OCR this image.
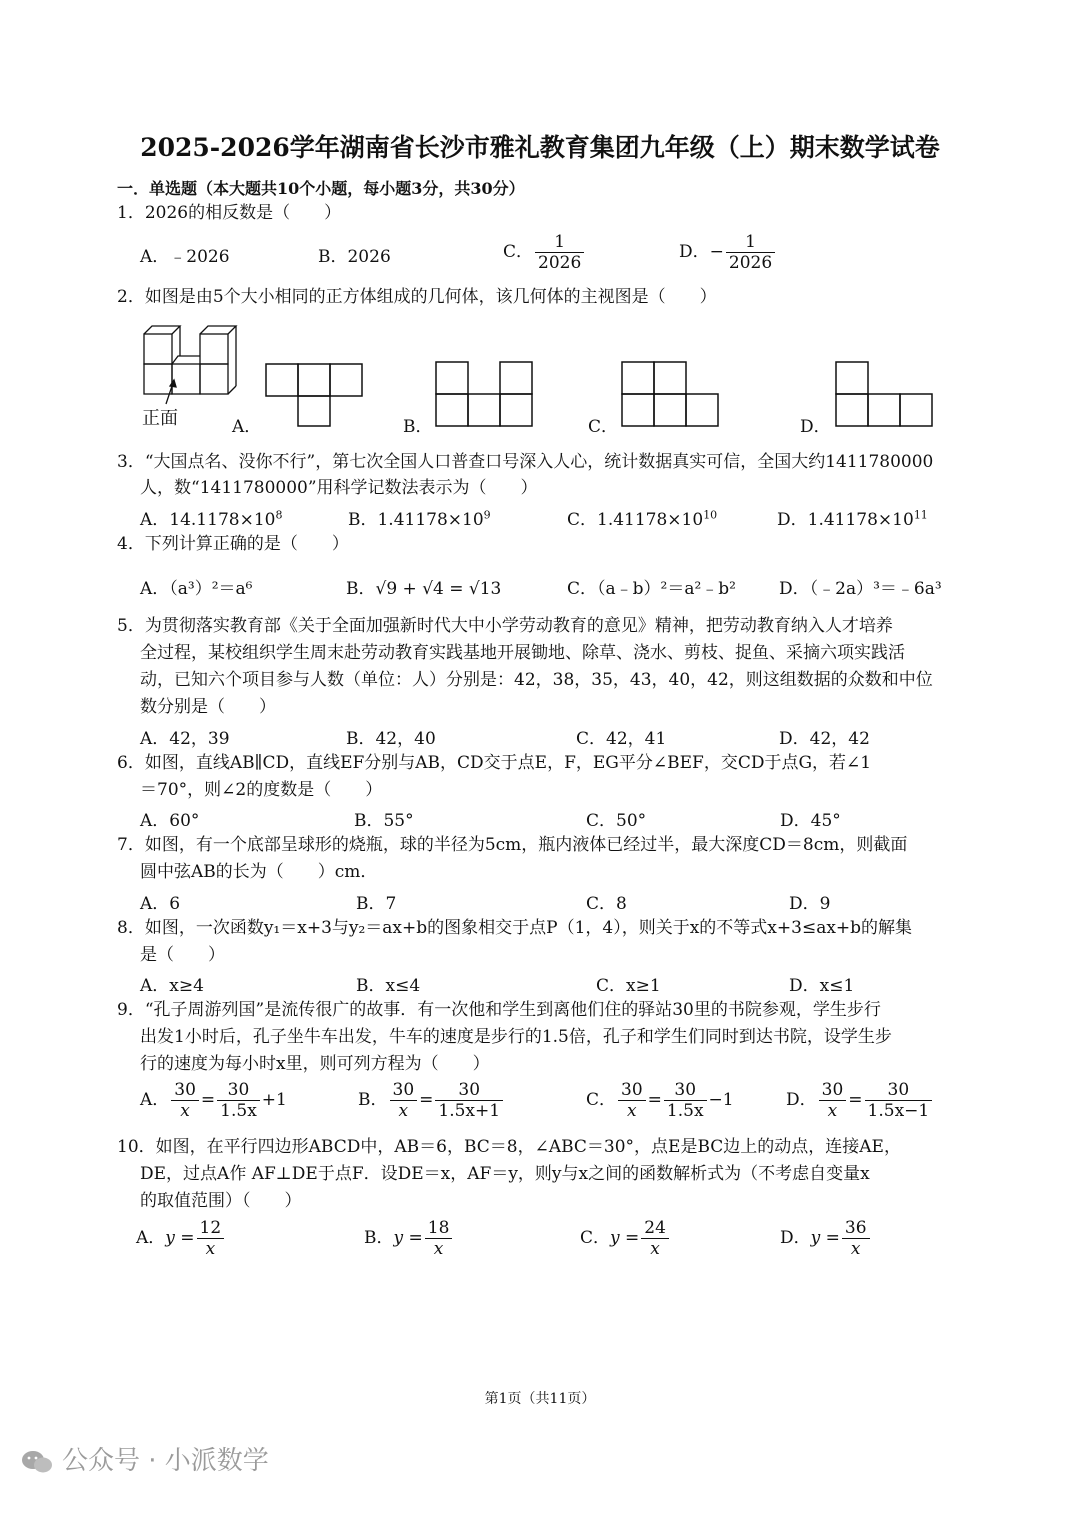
2025-2026学年湖南省长沙市雅礼教育集团九年级（上）期末数学试卷
一．单选题（本大题共10个小题，每小题3分，共30分）
1．2026的相反数是（　　）
A．﹣2026	B．2026	C． $\frac{1}{2026}$	D．− $\frac{1}{2026}$
2．如图是由5个大小相同的正方体组成的几何体，该几何体的主视图是（　　）
正面	A．	B．	C．	D．
3．“大国点名、没你不行”，第七次全国人口普查口号深入人心，统计数据真实可信，全国大约1411780000
人，数“1411780000”用科学记数法表示为（　　）
A．$14.1178\times 10^8$	B．$1.41178\times 10^9$	C．$1.41178\times 10^{10}$	D．$1.41178\times 10^{11}$
4．下列计算正确的是（　　）
A．（a³）²＝a⁶	B．√9 + √4 = √13	C．（a﹣b）²＝a²﹣b²	D．（﹣2a）³＝﹣6a³
5．为贯彻落实教育部《关于全面加强新时代大中小学劳动教育的意见》精神，把劳动教育纳入人才培养
全过程，某校组织学生周末赴劳动教育实践基地开展锄地、除草、浇水、剪枝、捉鱼、采摘六项实践活
动，已知六个项目参与人数（单位：人）分别是：42，38，35，43，40，42，则这组数据的众数和中位
数分别是（　　）
A．42，39	B．42，40	C．42，41	D．42，42
6．如图，直线AB∥CD，直线EF分别与AB，CD交于点E，F，EG平分∠BEF，交CD于点G，若∠1
＝70°，则∠2的度数是（　　）
A．60°	B．55°	C．50°	D．45°
7．如图，有一个底部呈球形的烧瓶，球的半径为5cm，瓶内液体已经过半，最大深度CD＝8cm，则截面
圆中弦AB的长为（　　）cm．
A．6	B．7	C．8	D．9
8．如图，一次函数y₁＝x+3与y₂＝ax+b的图象相交于点P（1，4），则关于x的不等式x+3≤ax+b的解集
是（　　）
A．x≥4	B．x≤4	C．x≥1	D．x≤1
9．“孔子周游列国”是流传很广的故事．有一次他和学生到离他们住的驿站30里的书院参观，学生步行
出发1小时后，孔子坐牛车出发，牛车的速度是步行的1.5倍，孔子和学生们同时到达书院，设学生步
行的速度为每小时x里，则可列方程为（　　）
A． $\frac{30}{x} = \frac{30}{1.5x} +1$	B． $\frac{30}{x} = \frac{30}{1.5x+1}$	C． $\frac{30}{x} = \frac{30}{1.5x} -1$	D． $\frac{30}{x} = \frac{30}{1.5x-1}$
10．如图，在平行四边形ABCD中，AB＝6，BC＝8，∠ABC＝30°，点E是BC边上的动点，连接AE，
DE，过点A作 AF⊥DE于点F．设DE＝x，AF＝y，则y与x之间的函数解析式为（不考虑自变量x
的取值范围）（　　）
A．$y = \frac{12}{x}$	B．$y = \frac{18}{x}$	C．$y = \frac{24}{x}$	D．$y = \frac{36}{x}$
第1页（共11页）
公众号 · 小派数学
